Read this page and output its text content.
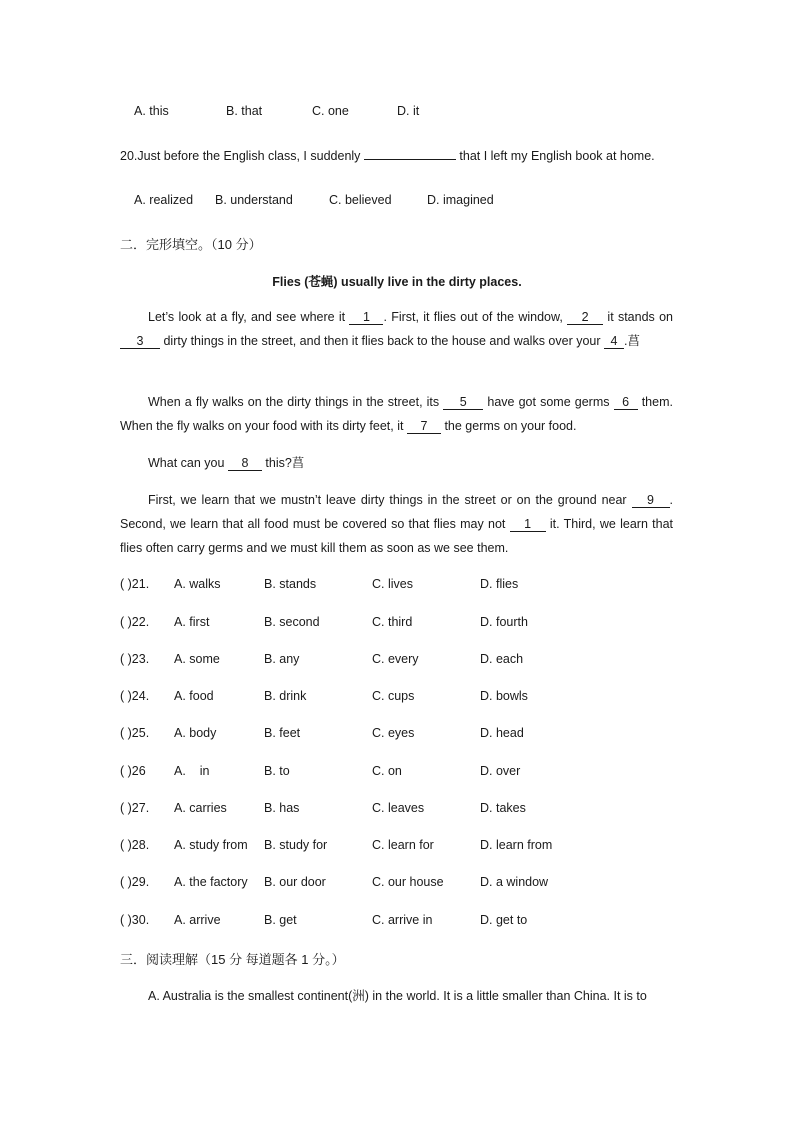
A. this	B. that	C. one	D. it
20.Just before the English class, I suddenly	that I left my English book at home.
A. realized B. understand	C. believed	D. imagined
二．完形填空。（10 分）
Flies (苍蝇) usually live in the dirty places.
Let’s look at a fly, and see where it 1 . First, it flies out of the window, 2 it stands on 3 dirty things in the street, and then it flies back to the house and walks over your 4 .菖
When a fly walks on the dirty things in the street, its 5 have got some germs 6 them. When the fly walks on your food with its dirty feet, it 7 the germs on your food.
What can you 8 this?菖
First, we learn that we mustn’t leave dirty things in the street or on the ground near 9 . Second, we learn that all food must be covered so that flies may not 1 it. Third, we learn that flies often carry germs and we must kill them as soon as we see them.
( )21. A. walks	B. stands	C. lives	D. flies
( )22. A. first	B. second	C. third	D. fourth
( )23. A. some	B. any	C. every	D. each
( )24. A. food	B. drink	C. cups	D. bowls
( )25. A. body	B. feet	C. eyes	D. head
( )26 A.    in	B. to	C. on	D. over
( )27. A. carries	B. has	C. leaves	D. takes
( )28. A. study from B. study for	C. learn for	D. learn from
( )29. A. the factory B. our door	C. our house	D. a window
( )30. A. arrive	B. get	C. arrive in	D. get to
三．阅读理解（15 分 每道题各 1 分。）
A. Australia is the smallest continent(洲) in the world. It is a little smaller than China. It is to
